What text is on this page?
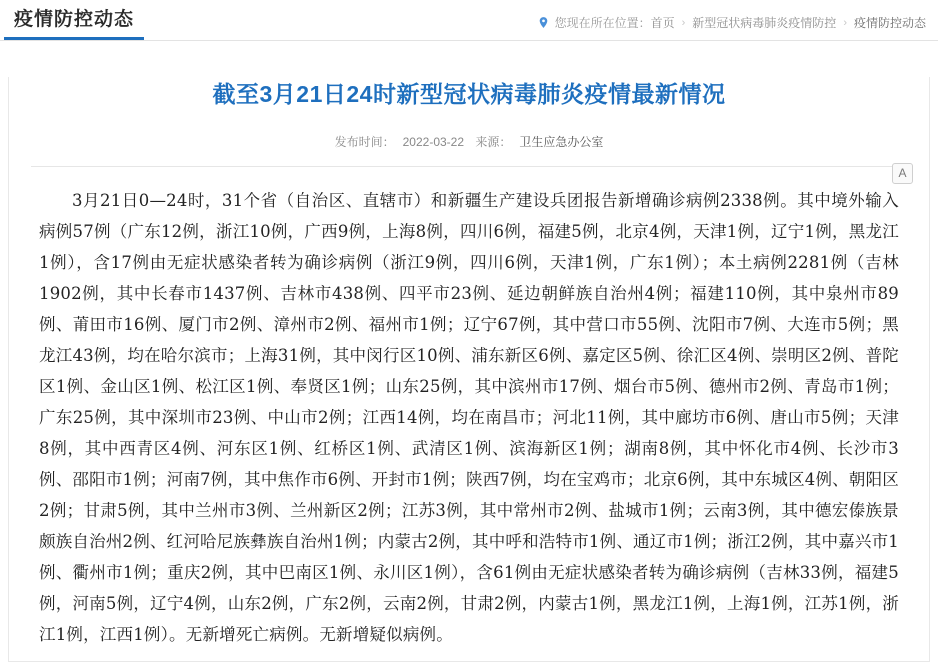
疫情防控动态	您现在所在位置： 首页 › 新型冠状病毒肺炎疫情防控 › 疫情防控动态
截至3月21日24时新型冠状病毒肺炎疫情最新情况
发布时间： 2022-03-22 来源： 卫生应急办公室
A
3月21日0—24时，31个省（自治区、直辖市）和新疆生产建设兵团报告新增确诊病例2338例。其中境外输入病例57例（广东12例，浙江10例，广西9例，上海8例，四川6例，福建5例，北京4例，天津1例，辽宁1例，黑龙江1例），含17例由无症状感染者转为确诊病例（浙江9例，四川6例，天津1例，广东1例）；本土病例2281例（吉林1902例，其中长春市1437例、吉林市438例、四平市23例、延边朝鲜族自治州4例；福建110例，其中泉州市89例、莆田市16例、厦门市2例、漳州市2例、福州市1例；辽宁67例，其中营口市55例、沈阳市7例、大连市5例；黑龙江43例，均在哈尔滨市；上海31例，其中闵行区10例、浦东新区6例、嘉定区5例、徐汇区4例、崇明区2例、普陀区1例、金山区1例、松江区1例、奉贤区1例；山东25例，其中滨州市17例、烟台市5例、德州市2例、青岛市1例；广东25例，其中深圳市23例、中山市2例；江西14例，均在南昌市；河北11例，其中廊坊市6例、唐山市5例；天津8例，其中西青区4例、河东区1例、红桥区1例、武清区1例、滨海新区1例；湖南8例，其中怀化市4例、长沙市3例、邵阳市1例；河南7例，其中焦作市6例、开封市1例；陕西7例，均在宝鸡市；北京6例，其中东城区4例、朝阳区2例；甘肃5例，其中兰州市3例、兰州新区2例；江苏3例，其中常州市2例、盐城市1例；云南3例，其中德宏傣族景颇族自治州2例、红河哈尼族彝族自治州1例；内蒙古2例，其中呼和浩特市1例、通辽市1例；浙江2例，其中嘉兴市1例、衢州市1例；重庆2例，其中巴南区1例、永川区1例），含61例由无症状感染者转为确诊病例（吉林33例，福建5例，河南5例，辽宁4例，山东2例，广东2例，云南2例，甘肃2例，内蒙古1例，黑龙江1例，上海1例，江苏1例，浙江1例，江西1例）。无新增死亡病例。无新增疑似病例。
